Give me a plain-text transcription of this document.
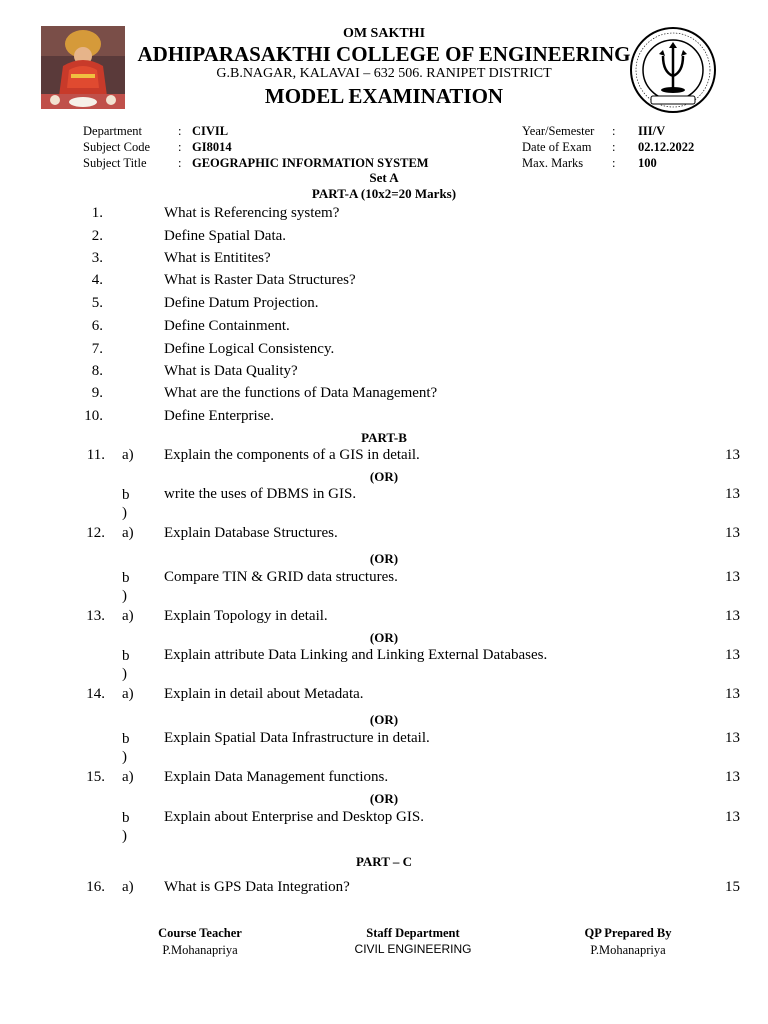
OM SAKTHI
ADHIPARASAKTHI COLLEGE OF ENGINEERING
G.B.NAGAR, KALAVAI – 632 506. RANIPET DISTRICT
MODEL EXAMINATION
Department	: CIVIL
Subject Code : GI8014
Subject Title	: GEOGRAPHIC INFORMATION SYSTEM
Year/Semester : III/V
Date of Exam : 02.12.2022
Max. Marks : 100
Set A
PART-A (10x2=20 Marks)
1.	What is Referencing system?
2.	Define Spatial Data.
3.	What is Entitites?
4.	What is Raster Data Structures?
5.	Define Datum Projection.
6.	Define Containment.
7.	Define Logical Consistency.
8.	What is Data Quality?
9.	What are the functions of Data Management?
10.	Define Enterprise.
PART-B
11. a) Explain the components of a GIS in detail.	13
(OR)
b
)
write the uses of DBMS in GIS.	13
12. a) Explain Database Structures.	13
(OR)
b
)
Compare TIN & GRID data structures.	13
13. a) Explain Topology in detail.	13
(OR)
b
)
Explain attribute Data Linking and Linking External Databases.	13
14. a) Explain in detail about Metadata.	13
(OR)
b
)
Explain Spatial Data Infrastructure in detail.	13
15. a) Explain Data Management functions.	13
(OR)
b
)
Explain about Enterprise and Desktop GIS.	13
PART – C
16. a) What is GPS Data Integration?	15
Course Teacher
P.Mohanapriya
Staff Department
CIVIL ENGINEERING
QP Prepared By
P.Mohanapriya
